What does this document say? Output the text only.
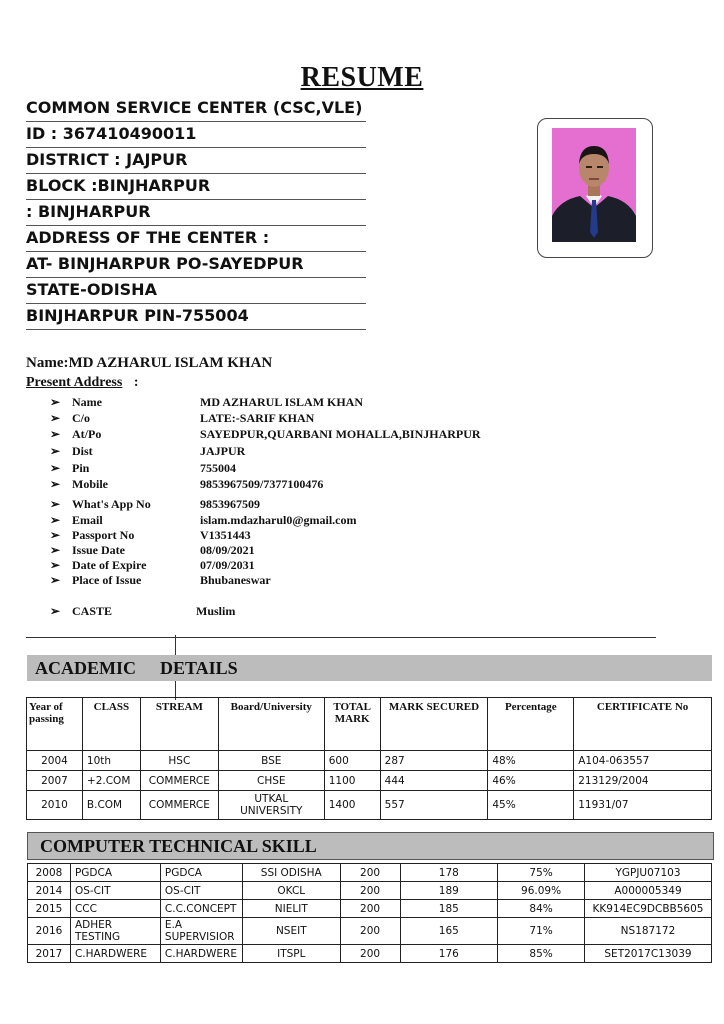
RESUME
COMMON SERVICE CENTER (CSC,VLE)
ID : 367410490011
DISTRICT : JAJPUR
BLOCK :BINJHARPUR
: BINJHARPUR
ADDRESS OF THE CENTER :
AT- BINJHARPUR PO-SAYEDPUR
STATE-ODISHA
BINJHARPUR PIN-755004
Name:MD AZHARUL ISLAM KHAN
Present Address :
➢ Name	MD AZHARUL ISLAM KHAN
➢ C/o	LATE:-SARIF KHAN
➢ At/Po	SAYEDPUR,QUARBANI MOHALLA,BINJHARPUR
➢ Dist	JAJPUR
➢ Pin	755004
➢ Mobile	9853967509/7377100476
➢ What's App No	9853967509
➢ Email	islam.mdazharul0@gmail.com
➢ Passport No	V1351443
➢ Issue Date	08/09/2021
➢ Date of Expire	07/09/2031
➢ Place of Issue	Bhubaneswar
➢ CASTE	Muslim
ACADEMIC DETAILS
Year of passing	CLASS	STREAM	Board/University	TOTAL MARK	MARK SECURED	Percentage	CERTIFICATE No
2004	10th	HSC	BSE	600	287	48%	A104-063557
2007	+2.COM	COMMERCE	CHSE	1100	444	46%	213129/2004
2010	B.COM	COMMERCE	UTKAL UNIVERSITY	1400	557	45%	11931/07
COMPUTER TECHNICAL SKILL
2008	PGDCA	PGDCA	SSI ODISHA	200	178	75%	YGPJU07103
2014	OS-CIT	OS-CIT	OKCL	200	189	96.09%	A000005349
2015	CCC	C.C.CONCEPT	NIELIT	200	185	84%	KK914EC9DCBB5605
2016	ADHER TESTING	E.A SUPERVISIOR	NSEIT	200	165	71%	NS187172
2017	C.HARDWERE	C.HARDWERE	ITSPL	200	176	85%	SET2017C13039
